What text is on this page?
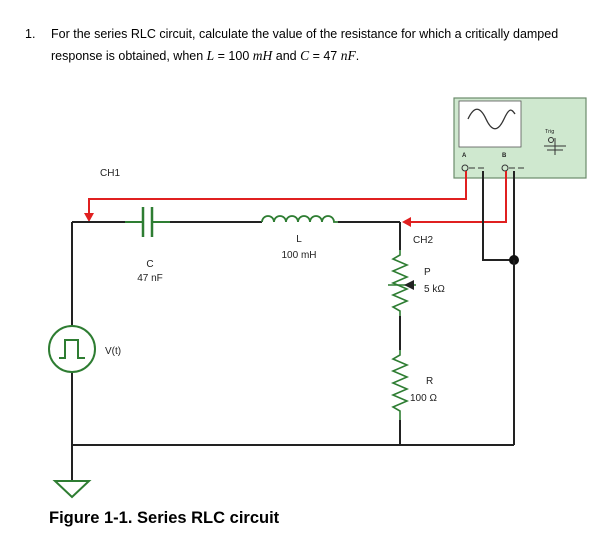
1. For the series RLC circuit, calculate the value of the resistance for which a critically damped response is obtained, when L = 100 mH and C = 47 nF.
A	B
Trig
C
47 nF
L
100 mH
CH2
P
5 kΩ
R
100 Ω
V(t)
CH1
Figure 1-1. Series RLC circuit
